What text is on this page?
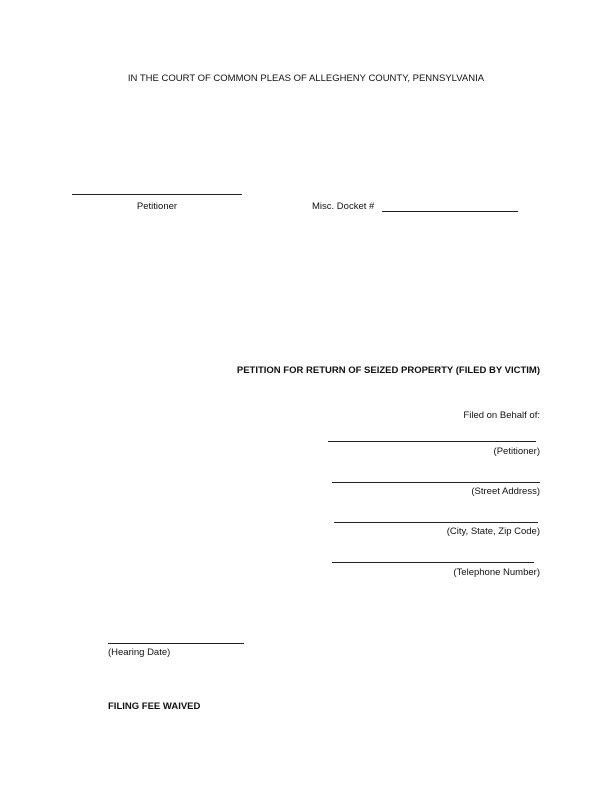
IN THE COURT OF COMMON PLEAS OF ALLEGHENY COUNTY, PENNSYLVANIA
Petitioner	Misc. Docket #
PETITION FOR RETURN OF SEIZED PROPERTY (FILED BY VICTIM)
Filed on Behalf of:
(Petitioner)
(Street Address)
(City, State, Zip Code)
(Telephone Number)
(Hearing Date)
FILING FEE WAIVED
